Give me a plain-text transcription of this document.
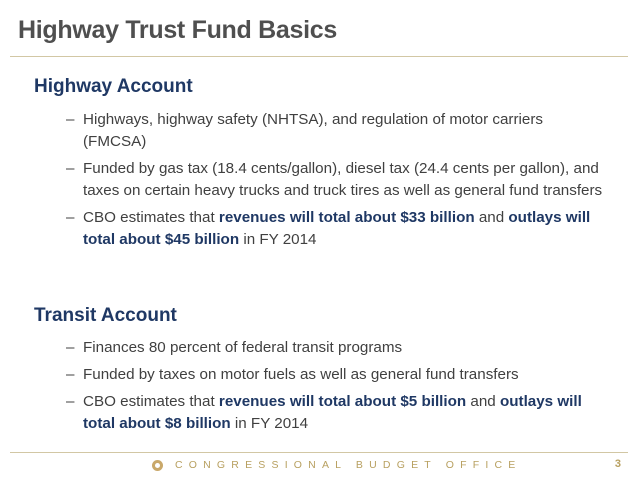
Highway Trust Fund Basics
Highway Account
– Highways, highway safety (NHTSA), and regulation of motor carriers (FMCSA)
– Funded by gas tax (18.4 cents/gallon), diesel tax (24.4 cents per gallon), and taxes on certain heavy trucks and truck tires as well as general fund transfers
– CBO estimates that revenues will total about $33 billion and outlays will total about $45 billion in FY 2014
Transit Account
– Finances 80 percent of federal transit programs
– Funded by taxes on motor fuels as well as general fund transfers
– CBO estimates that revenues will total about $5 billion and outlays will total about $8 billion in FY 2014
CONGRESSIONAL BUDGET OFFICE	3
